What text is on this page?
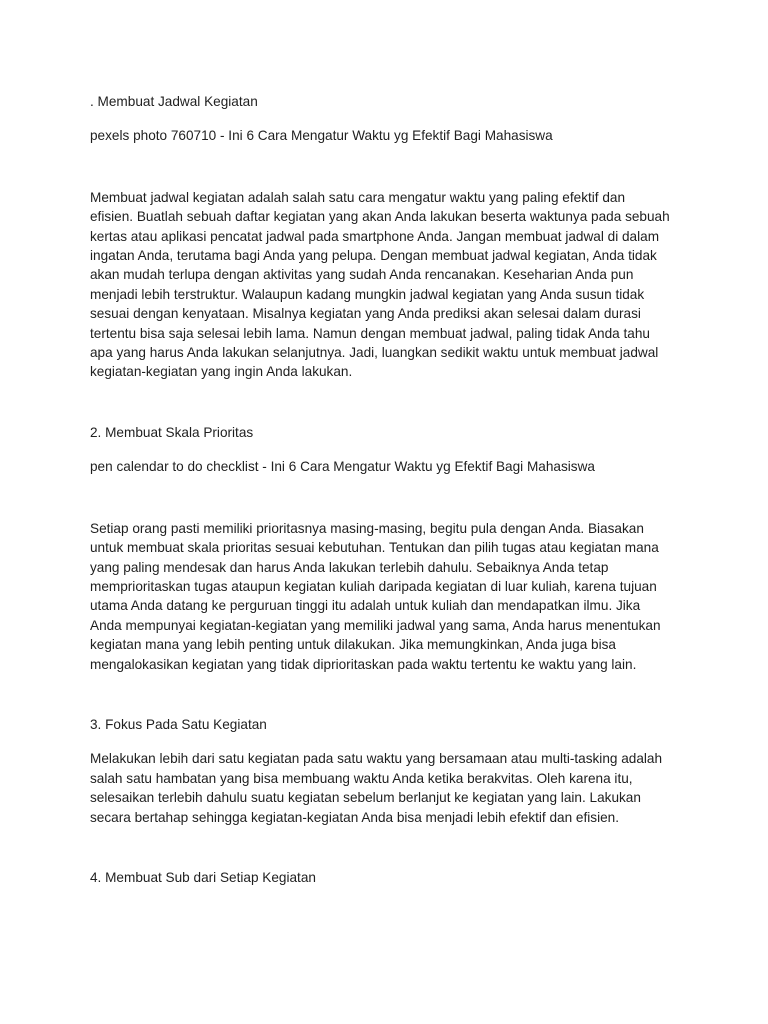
. Membuat Jadwal Kegiatan

pexels photo 760710 - Ini 6 Cara Mengatur Waktu yg Efektif Bagi Mahasiswa

Membuat jadwal kegiatan adalah salah satu cara mengatur waktu yang paling efektif dan
efisien. Buatlah sebuah daftar kegiatan yang akan Anda lakukan beserta waktunya pada sebuah
kertas atau aplikasi pencatat jadwal pada smartphone Anda. Jangan membuat jadwal di dalam
ingatan Anda, terutama bagi Anda yang pelupa. Dengan membuat jadwal kegiatan, Anda tidak
akan mudah terlupa dengan aktivitas yang sudah Anda rencanakan. Keseharian Anda pun
menjadi lebih terstruktur. Walaupun kadang mungkin jadwal kegiatan yang Anda susun tidak
sesuai dengan kenyataan. Misalnya kegiatan yang Anda prediksi akan selesai dalam durasi
tertentu bisa saja selesai lebih lama. Namun dengan membuat jadwal, paling tidak Anda tahu
apa yang harus Anda lakukan selanjutnya. Jadi, luangkan sedikit waktu untuk membuat jadwal
kegiatan-kegiatan yang ingin Anda lakukan.

2. Membuat Skala Prioritas

pen calendar to do checklist - Ini 6 Cara Mengatur Waktu yg Efektif Bagi Mahasiswa

Setiap orang pasti memiliki prioritasnya masing-masing, begitu pula dengan Anda. Biasakan
untuk membuat skala prioritas sesuai kebutuhan. Tentukan dan pilih tugas atau kegiatan mana
yang paling mendesak dan harus Anda lakukan terlebih dahulu. Sebaiknya Anda tetap
memprioritaskan tugas ataupun kegiatan kuliah daripada kegiatan di luar kuliah, karena tujuan
utama Anda datang ke perguruan tinggi itu adalah untuk kuliah dan mendapatkan ilmu. Jika
Anda mempunyai kegiatan-kegiatan yang memiliki jadwal yang sama, Anda harus menentukan
kegiatan mana yang lebih penting untuk dilakukan. Jika memungkinkan, Anda juga bisa
mengalokasikan kegiatan yang tidak diprioritaskan pada waktu tertentu ke waktu yang lain.

3. Fokus Pada Satu Kegiatan

Melakukan lebih dari satu kegiatan pada satu waktu yang bersamaan atau multi-tasking adalah
salah satu hambatan yang bisa membuang waktu Anda ketika berakvitas. Oleh karena itu,
selesaikan terlebih dahulu suatu kegiatan sebelum berlanjut ke kegiatan yang lain. Lakukan
secara bertahap sehingga kegiatan-kegiatan Anda bisa menjadi lebih efektif dan efisien.

4. Membuat Sub dari Setiap Kegiatan
